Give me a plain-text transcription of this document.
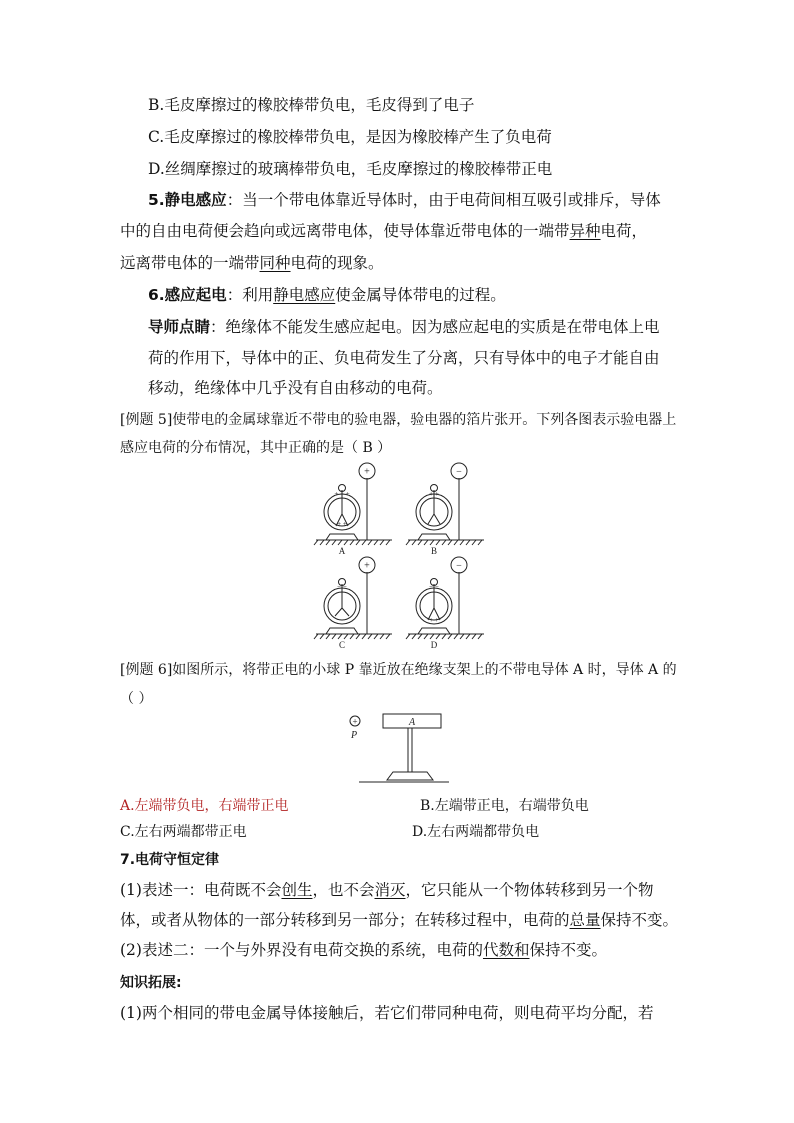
B.毛皮摩擦过的橡胶棒带负电，毛皮得到了电子
C.毛皮摩擦过的橡胶棒带负电，是因为橡胶棒产生了负电荷
D.丝绸摩擦过的玻璃棒带负电，毛皮摩擦过的橡胶棒带正电
5.静电感应：当一个带电体靠近导体时，由于电荷间相互吸引或排斥，导体
中的自由电荷便会趋向或远离带电体，使导体靠近带电体的一端带异种电荷，
远离带电体的一端带同种电荷的现象。
6.感应起电：利用静电感应使金属导体带电的过程。
导师点睛：绝缘体不能发生感应起电。因为感应起电的实质是在带电体上电
荷的作用下，导体中的正、负电荷发生了分离，只有导体中的电子才能自由
移动，绝缘体中几乎没有自由移动的电荷。
[例题 5]使带电的金属球靠近不带电的验电器，验电器的箔片张开。下列各图表示验电器上
感应电荷的分布情况，其中正确的是（ B ）
+ + +
+ +
+ +
= =
= =
− −	+ +
+	−
+	−
A	B
C	D
[例题 6]如图所示，将带正电的小球 P 靠近放在绝缘支架上的不带电导体 A 时，导体 A 的
（ ）
+
P
A
A.左端带负电，右端带正电	B.左端带正电，右端带负电
C.左右两端都带正电	D.左右两端都带负电
7.电荷守恒定律
(1)表述一：电荷既不会创生，也不会消灭，它只能从一个物体转移到另一个物
体，或者从物体的一部分转移到另一部分；在转移过程中，电荷的总量保持不变。
(2)表述二：一个与外界没有电荷交换的系统，电荷的代数和保持不变。
知识拓展:
(1)两个相同的带电金属导体接触后，若它们带同种电荷，则电荷平均分配，若
